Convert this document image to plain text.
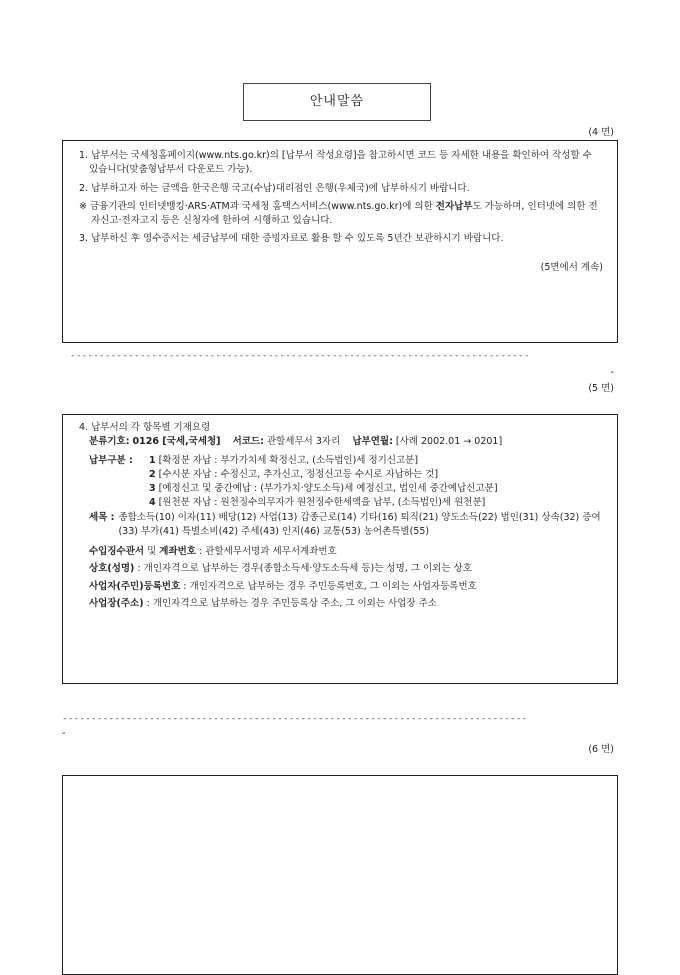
안내말씀
(4 면)

1. 납부서는 국세청홈페이지(www.nts.go.kr)의 [납부서 작성요령]을 참고하시면 코드 등 자세한 내용을 확인하여 작성할 수 있습니다(맞춤형납부서 다운로드 가능).

2. 납부하고자 하는 금액을 한국은행 국고(수납)대리점인 은행(우체국)에 납부하시기 바랍니다.

※ 금융기관의 인터넷뱅킹·ARS·ATM과 국세청 홈택스서비스(www.nts.go.kr)에 의한 전자납부도 가능하며, 인터넷에 의한 전자신고·전자고지 등은 신청자에 한하여 시행하고 있습니다.

3. 납부하신 후 영수증서는 세금납부에 대한 증빙자료로 활용 할 수 있도록 5년간 보관하시기 바랍니다.

(5면에서 계속)

-------------------------------------------------------------------------------
-
(5 면)
4. 납부서의 각 항목별 기재요령
분류기호: 0126 [국세,국세청] 서코드: 관할세무서 3자리 납부연월: [사례 2002.01 → 0201]
납부구분 :	1 [확정분 자납 : 부가가치세 확정신고, (소득법인)세 정기신고분]
2 [수시분 자납 : 수정신고, 추가신고, 정정신고등 수시로 자납하는 것]
3 [예정신고 및 중간예납 : (부가가치·양도소득)세 예정신고, 법인세 중간예납신고분]
4 [원천분 자납 : 원천징수의무자가 원천징수한세액을 납부, (소득법인)세 원천분]
세목 : 종합소득(10) 이자(11) 배당(12) 사업(13) 갑종근로(14) 기타(16) 퇴직(21) 양도소득(22) 법인(31) 상속(32) 증여(33) 부가(41) 특별소비(42) 주세(43) 인지(46) 교통(53) 농어촌특별(55)
수입징수관서 및 계좌번호 : 관할세무서명과 세무서계좌번호
상호(성명) : 개인자격으로 납부하는 경우(종합소득세·양도소득세 등)는 성명, 그 이외는 상호
사업자(주민)등록번호 : 개인자격으로 납부하는 경우 주민등록번호, 그 이외는 사업자등록번호
사업장(주소) : 개인자격으로 납부하는 경우 주민등록상 주소, 그 이외는 사업장 주소
--------------------------------------------------------------------------------
-
(6 면)
